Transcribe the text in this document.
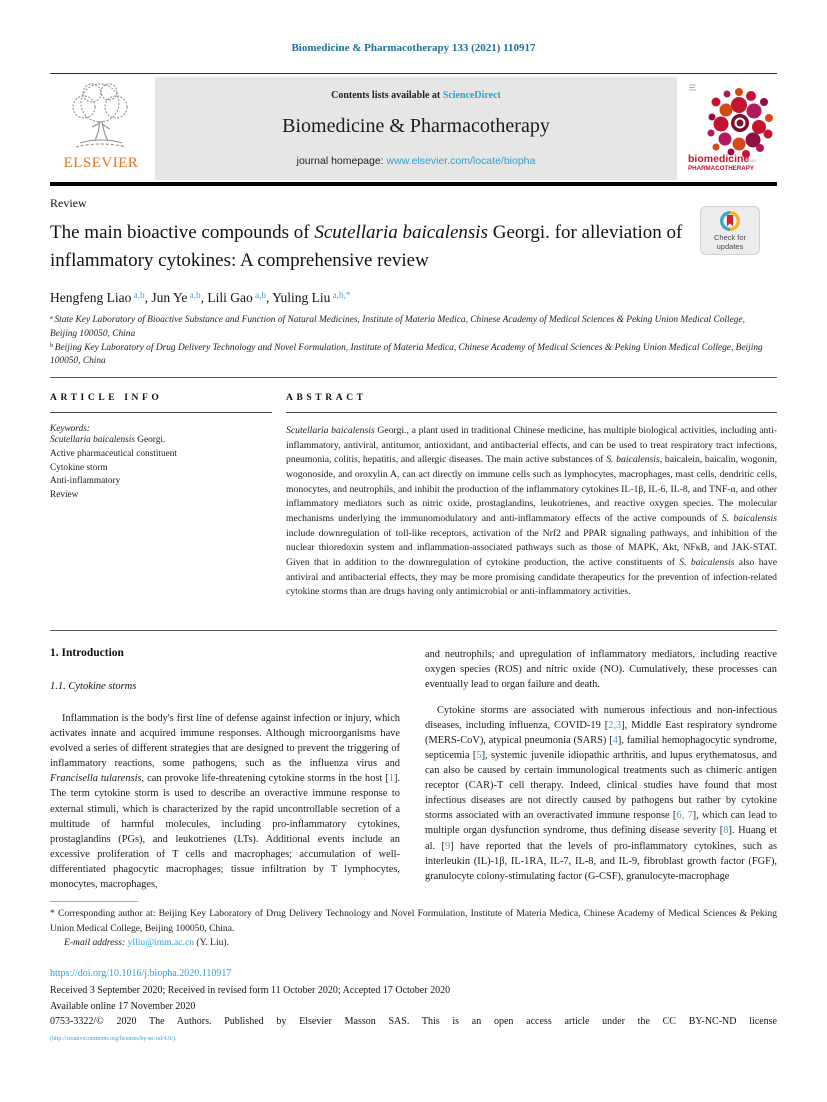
Biomedicine & Pharmacotherapy 133 (2021) 110917
ELSEVIER
Contents lists available at ScienceDirect
Biomedicine & Pharmacotherapy
journal homepage: www.elsevier.com/locate/biopha	biomedicine
AND
PHARMACOTHERAPY
Review
The main bioactive compounds of Scutellaria baicalensis Georgi. for alleviation of inflammatory cytokines: A comprehensive review
Check for
updates
Hengfeng Liao $^{a,b}$, Jun Ye $^{a,b}$, Lili Gao $^{a,b}$, Yuling Liu $^{a,b,*}$
$^a$ State Key Laboratory of Bioactive Substance and Function of Natural Medicines, Institute of Materia Medica, Chinese Academy of Medical Sciences & Peking Union Medical College, Beijing 100050, China
$^b$ Beijing Key Laboratory of Drug Delivery Technology and Novel Formulation, Institute of Materia Medica, Chinese Academy of Medical Sciences & Peking Union Medical College, Beijing 100050, China
ARTICLE INFO
Keywords:
Scutellaria baicalensis Georgi.
Active pharmaceutical constituent
Cytokine storm
Anti-inflammatory
Review
ABSTRACT
Scutellaria baicalensis Georgi., a plant used in traditional Chinese medicine, has multiple biological activities, including anti-inflammatory, antiviral, antitumor, antioxidant, and antibacterial effects, and can be used to treat respiratory tract infections, pneumonia, colitis, hepatitis, and allergic diseases. The main active substances of S. baicalensis, baicalein, baicalin, wogonin, wogonoside, and oroxylin A, can act directly on immune cells such as lymphocytes, macrophages, mast cells, dendritic cells, monocytes, and neutrophils, and inhibit the production of the inflammatory cytokines IL-1β, IL-6, IL-8, and TNF-α, and other inflammatory mediators such as nitric oxide, prostaglandins, leukotrienes, and reactive oxygen species. The molecular mechanisms underlying the immunomodulatory and anti-inflammatory effects of the active compounds of S. baicalensis include downregulation of toll-like receptors, activation of the Nrf2 and PPAR signaling pathways, and inhibition of the nuclear thioredoxin system and inflammation-associated pathways such as those of MAPK, Akt, NFκB, and JAK-STAT. Given that in addition to the downregulation of cytokine production, the active constituents of S. baicalensis also have antiviral and antibacterial effects, they may be more promising candidate therapeutics for the prevention of infection-related cytokine storms than are drugs having only antimicrobial or anti-inflammatory activities.
1. Introduction
1.1. Cytokine storms

Inflammation is the body's first line of defense against infection or injury, which activates innate and acquired immune responses. Although microorganisms have evolved a series of different strategies that are designed to prevent the triggering of inflammatory reactions, some pathogens, such as the influenza virus and Francisella tularensis, can provoke life-threatening cytokine storms in the host [1]. The term cytokine storm is used to describe an overactive immune response to external stimuli, which is characterized by the rapid uncontrollable secretion of a multitude of harmful molecules, including pro-inflammatory cytokines, prostaglandins (PGs), and leukotrienes (LTs). Additional events include an excessive proliferation of T cells and macrophages; accumulation of well-differentiated phagocytic macrophages; tissue infiltration by T lymphocytes, monocytes, macrophages,

and neutrophils; and upregulation of inflammatory mediators, including reactive oxygen species (ROS) and nitric oxide (NO). Cumulatively, these processes can eventually lead to organ failure and death.

Cytokine storms are associated with numerous infectious and non-infectious diseases, including influenza, COVID-19 [2,3], Middle East respiratory syndrome (MERS-CoV), atypical pneumonia (SARS) [4], familial hemophagocytic syndrome, septicemia [5], systemic juvenile idiopathic arthritis, and lupus erythematosus, and can also be caused by certain immunological treatments such as chimeric antigen receptor (CAR)-T cell therapy. Indeed, clinical studies have found that most infectious diseases are not directly caused by pathogens but rather by cytokine storms associated with an overactivated immune response [6, 7], which can lead to multiple organ dysfunction syndrome, thus defining disease severity [8]. Huang et al. [9] have reported that the levels of pro-inflammatory cytokines, such as interleukin (IL)-1β, IL-1RA, IL-7, IL-8, and IL-9, fibroblast growth factor (FGF), granulocyte colony-stimulating factor (G-CSF), granulocyte-macrophage

* Corresponding author at: Beijing Key Laboratory of Drug Delivery Technology and Novel Formulation, Institute of Materia Medica, Chinese Academy of Medical Sciences & Peking Union Medical College, Beijing 100050, China.
E-mail address: ylliu@imm.ac.cn (Y. Liu).
https://doi.org/10.1016/j.biopha.2020.110917
Received 3 September 2020; Received in revised form 11 October 2020; Accepted 17 October 2020
Available online 17 November 2020
0753-3322/© 2020 The Authors. Published by Elsevier Masson SAS. This is an open access article under the CC BY-NC-ND license
(http://creativecommons.org/licenses/by-nc-nd/4.0/).
